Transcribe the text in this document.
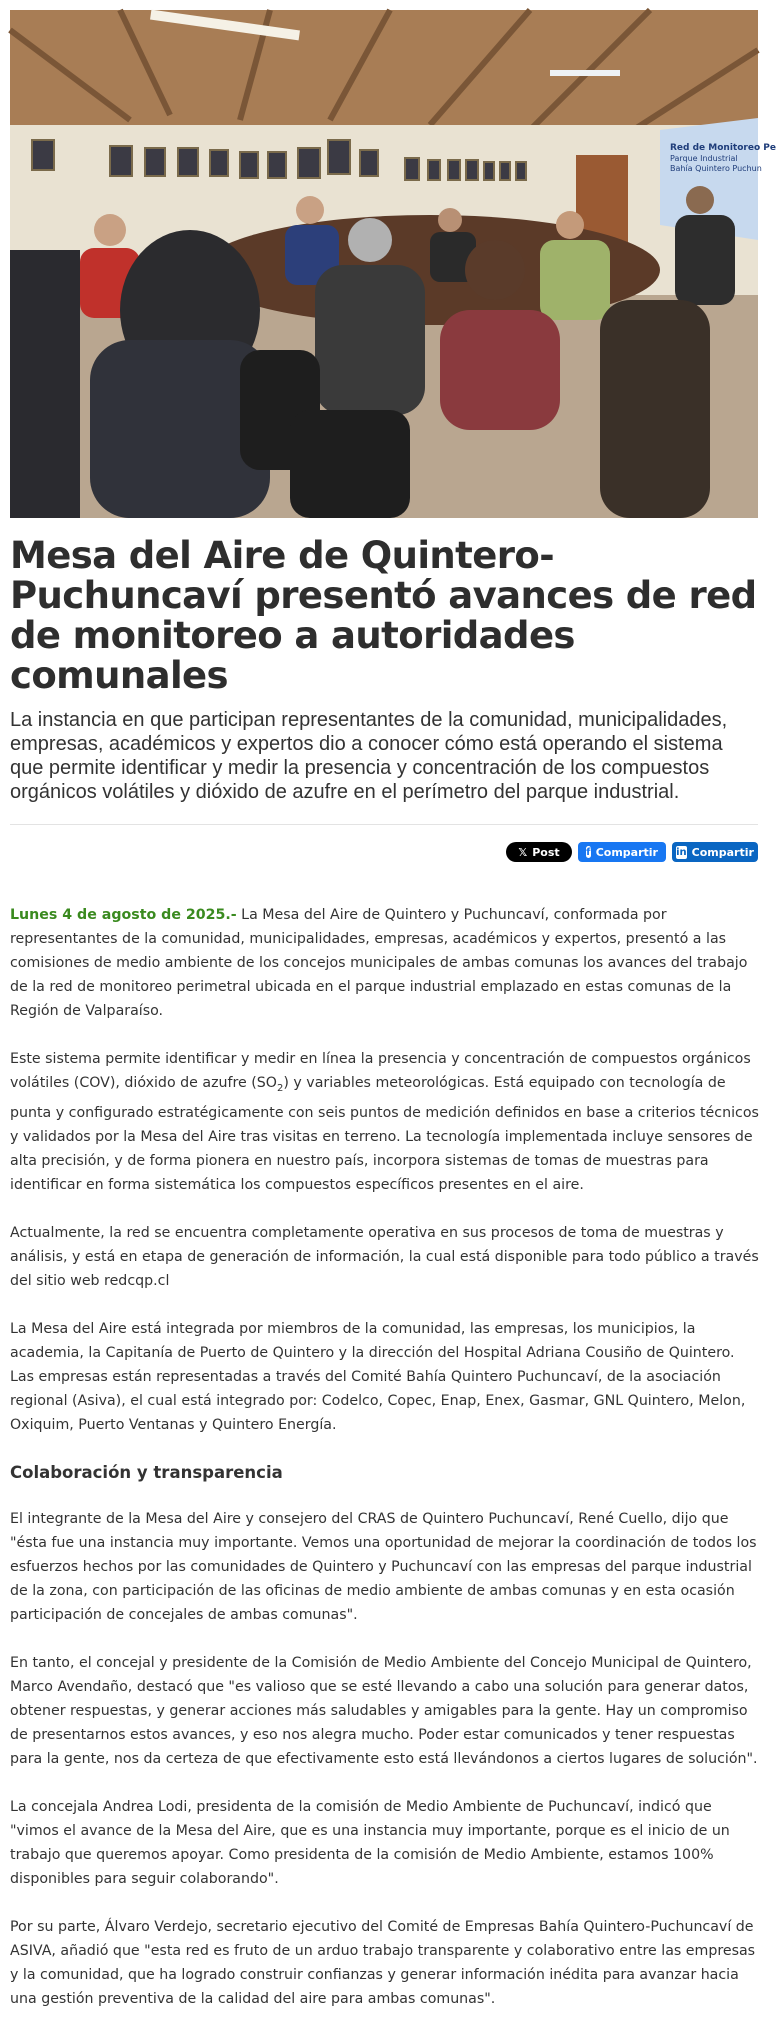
Red de Monitoreo Pe
Parque Industrial
Bahía Quintero Puchun
Mesa del Aire de Quintero-Puchuncaví presentó avances de red de monitoreo a autoridades comunales

La instancia en que participan representantes de la comunidad, municipalidades, empresas, académicos y expertos dio a conocer cómo está operando el sistema que permite identificar y medir la presencia y concentración de los compuestos orgánicos volátiles y dióxido de azufre en el perímetro del parque industrial.

𝕏 Post	f Compartir in Compartir

Lunes 4 de agosto de 2025.- La Mesa del Aire de Quintero y Puchuncaví, conformada por representantes de la comunidad, municipalidades, empresas, académicos y expertos, presentó a las comisiones de medio ambiente de los concejos municipales de ambas comunas los avances del trabajo de la red de monitoreo perimetral ubicada en el parque industrial emplazado en estas comunas de la Región de Valparaíso.

Este sistema permite identificar y medir en línea la presencia y concentración de compuestos orgánicos volátiles (COV), dióxido de azufre $(SO_2)$ y variables meteorológicas. Está equipado con tecnología de punta y configurado estratégicamente con seis puntos de medición definidos en base a criterios técnicos y validados por la Mesa del Aire tras visitas en terreno. La tecnología implementada incluye sensores de alta precisión, y de forma pionera en nuestro país, incorpora sistemas de tomas de muestras para identificar en forma sistemática los compuestos específicos presentes en el aire.

Actualmente, la red se encuentra completamente operativa en sus procesos de toma de muestras y análisis, y está en etapa de generación de información, la cual está disponible para todo público a través del sitio web redcqp.cl

La Mesa del Aire está integrada por miembros de la comunidad, las empresas, los municipios, la academia, la Capitanía de Puerto de Quintero y la dirección del Hospital Adriana Cousiño de Quintero. Las empresas están representadas a través del Comité Bahía Quintero Puchuncaví, de la asociación regional (Asiva), el cual está integrado por: Codelco, Copec, Enap, Enex, Gasmar, GNL Quintero, Melon, Oxiquim, Puerto Ventanas y Quintero Energía.

Colaboración y transparencia

El integrante de la Mesa del Aire y consejero del CRAS de Quintero Puchuncaví, René Cuello, dijo que "ésta fue una instancia muy importante. Vemos una oportunidad de mejorar la coordinación de todos los esfuerzos hechos por las comunidades de Quintero y Puchuncaví con las empresas del parque industrial de la zona, con participación de las oficinas de medio ambiente de ambas comunas y en esta ocasión participación de concejales de ambas comunas".

En tanto, el concejal y presidente de la Comisión de Medio Ambiente del Concejo Municipal de Quintero, Marco Avendaño, destacó que "es valioso que se esté llevando a cabo una solución para generar datos, obtener respuestas, y generar acciones más saludables y amigables para la gente. Hay un compromiso de presentarnos estos avances, y eso nos alegra mucho. Poder estar comunicados y tener respuestas para la gente, nos da certeza de que efectivamente esto está llevándonos a ciertos lugares de solución".

La concejala Andrea Lodi, presidenta de la comisión de Medio Ambiente de Puchuncaví, indicó que "vimos el avance de la Mesa del Aire, que es una instancia muy importante, porque es el inicio de un trabajo que queremos apoyar. Como presidenta de la comisión de Medio Ambiente, estamos 100% disponibles para seguir colaborando".

Por su parte, Álvaro Verdejo, secretario ejecutivo del Comité de Empresas Bahía Quintero-Puchuncaví de ASIVA, añadió que "esta red es fruto de un arduo trabajo transparente y colaborativo entre las empresas y la comunidad, que ha logrado construir confianzas y generar información inédita para avanzar hacia una gestión preventiva de la calidad del aire para ambas comunas".
